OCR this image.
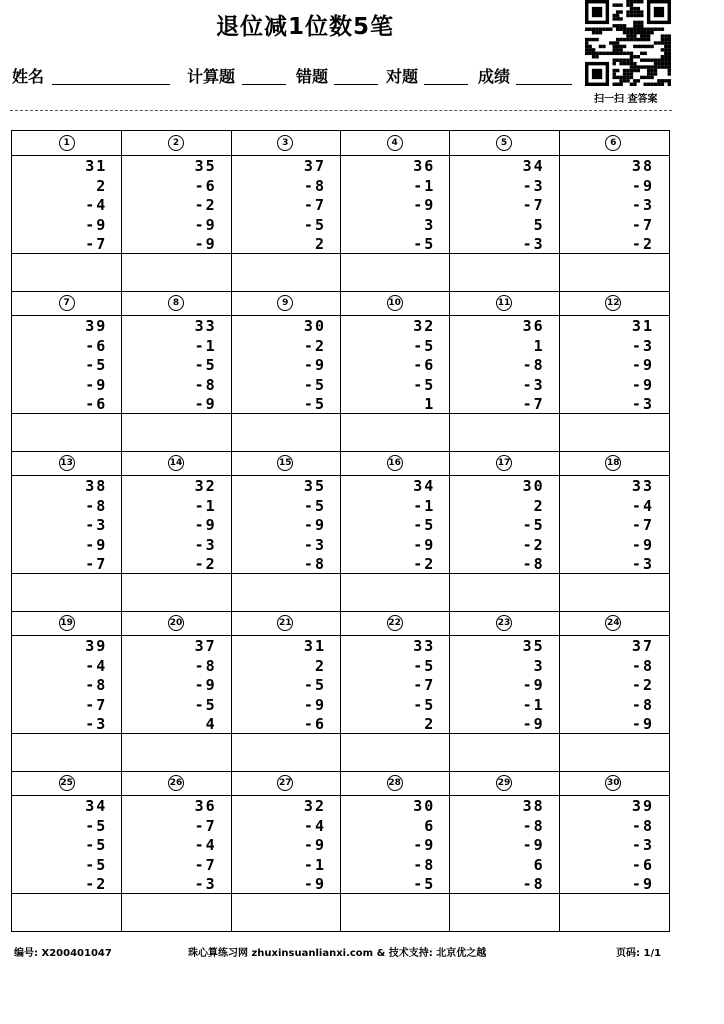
退位减1位数5笔
姓名	计算题	错题	对题	成绩
扫一扫 查答案
1
31
2
-4
-9
-7
2
35
-6
-2
-9
-9
3
37
-8
-7
-5
2
4
36
-1
-9
3
-5
5
34
-3
-7
5
-3
6
38
-9
-3
-7
-2
7
39
-6
-5
-9
-6
8
33
-1
-5
-8
-9
9
30
-2
-9
-5
-5
10
32
-5
-6
-5
1
11
36
1
-8
-3
-7
12
31
-3
-9
-9
-3
13
38
-8
-3
-9
-7
14
32
-1
-9
-3
-2
15
35
-5
-9
-3
-8
16
34
-1
-5
-9
-2
17
30
2
-5
-2
-8
18
33
-4
-7
-9
-3
19
39
-4
-8
-7
-3
20
37
-8
-9
-5
4
21
31
2
-5
-9
-6
22
33
-5
-7
-5
2
23
35
3
-9
-1
-9
24
37
-8
-2
-8
-9
25
34
-5
-5
-5
-2
26
36
-7
-4
-7
-3
27
32
-4
-9
-1
-9
28
30
6
-9
-8
-5
29
38
-8
-9
6
-8
30
39
-8
-3
-6
-9
编号: X200401047	珠心算练习网 zhuxinsuanlianxi.com & 技术支持: 北京优之越	页码: 1/1
